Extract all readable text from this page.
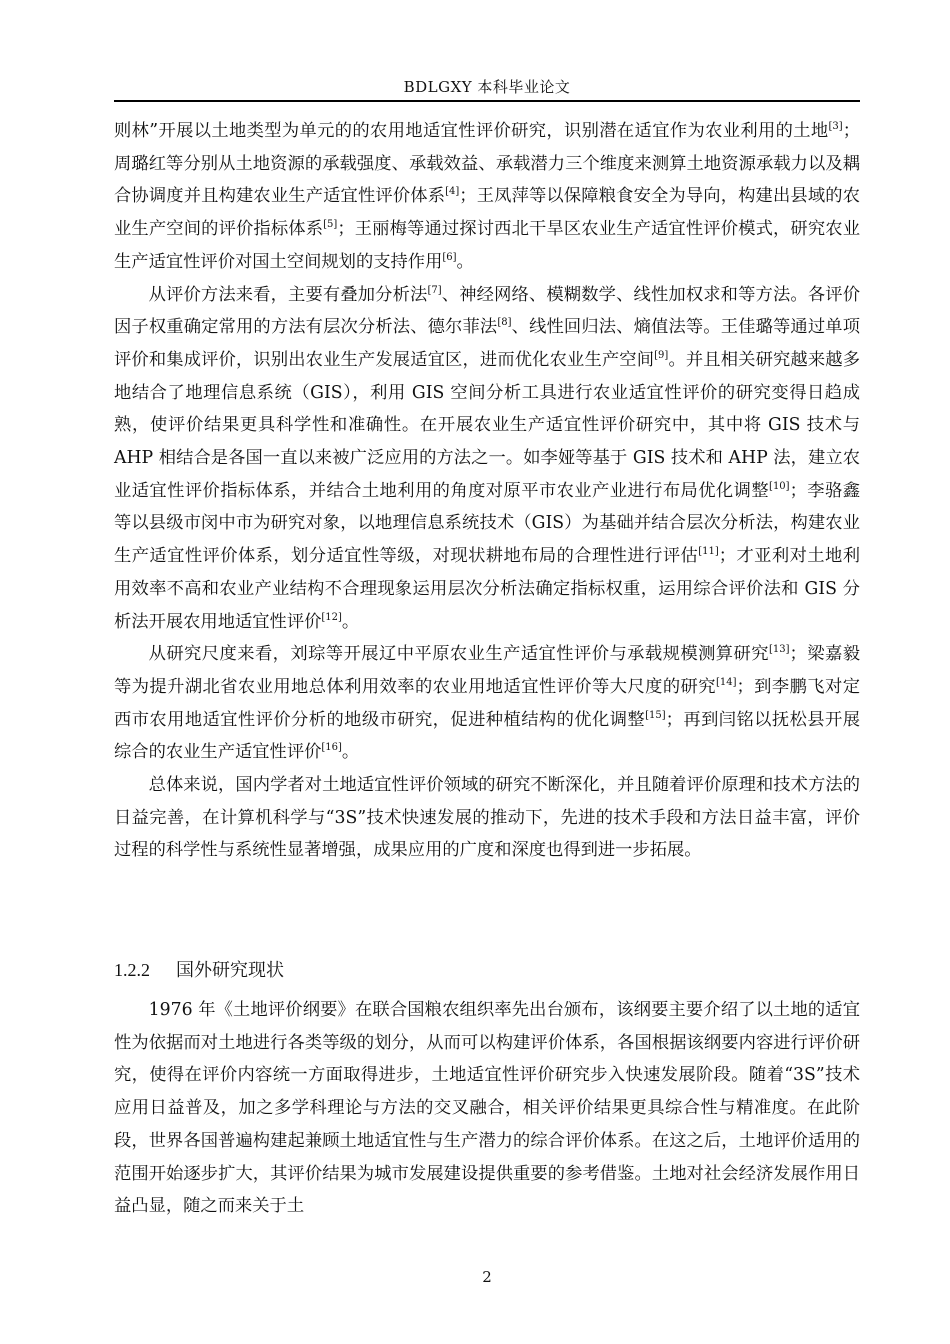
BDLGXY 本科毕业论文

则林”开展以土地类型为单元的的农用地适宜性评价研究，识别潜在适宜作为农业利用的土地[3]；周璐红等分别从土地资源的承载强度、承载效益、承载潜力三个维度来测算土地资源承载力以及耦合协调度并且构建农业生产适宜性评价体系[4]；王凤萍等以保障粮食安全为导向，构建出县域的农业生产空间的评价指标体系[5]；王丽梅等通过探讨西北干旱区农业生产适宜性评价模式，研究农业生产适宜性评价对国土空间规划的支持作用[6]。

从评价方法来看，主要有叠加分析法[7]、神经网络、模糊数学、线性加权求和等方法。各评价因子权重确定常用的方法有层次分析法、德尔菲法[8]、线性回归法、熵值法等。王佳璐等通过单项评价和集成评价，识别出农业生产发展适宜区，进而优化农业生产空间[9]。并且相关研究越来越多地结合了地理信息系统（GIS），利用 GIS 空间分析工具进行农业适宜性评价的研究变得日趋成熟，使评价结果更具科学性和准确性。在开展农业生产适宜性评价研究中，其中将 GIS 技术与 AHP 相结合是各国一直以来被广泛应用的方法之一。如李娅等基于 GIS 技术和 AHP 法，建立农业适宜性评价指标体系，并结合土地利用的角度对原平市农业产业进行布局优化调整[10]；李骆鑫等以县级市闵中市为研究对象，以地理信息系统技术（GIS）为基础并结合层次分析法，构建农业生产适宜性评价体系，划分适宜性等级，对现状耕地布局的合理性进行评估[11]；才亚利对土地利用效率不高和农业产业结构不合理现象运用层次分析法确定指标权重，运用综合评价法和 GIS 分析法开展农用地适宜性评价[12]。

从研究尺度来看，刘琮等开展辽中平原农业生产适宜性评价与承载规模测算研究[13]；梁嘉毅等为提升湖北省农业用地总体利用效率的农业用地适宜性评价等大尺度的研究[14]；到李鹏飞对定西市农用地适宜性评价分析的地级市研究，促进种植结构的优化调整[15]；再到闫铭以抚松县开展综合的农业生产适宜性评价[16]。

总体来说，国内学者对土地适宜性评价领域的研究不断深化，并且随着评价原理和技术方法的日益完善，在计算机科学与“3S”技术快速发展的推动下，先进的技术手段和方法日益丰富，评价过程的科学性与系统性显著增强，成果应用的广度和深度也得到进一步拓展。

1.2.2 国外研究现状

1976 年《土地评价纲要》在联合国粮农组织率先出台颁布，该纲要主要介绍了以土地的适宜性为依据而对土地进行各类等级的划分，从而可以构建评价体系，各国根据该纲要内容进行评价研究，使得在评价内容统一方面取得进步，土地适宜性评价研究步入快速发展阶段。随着“3S”技术应用日益普及，加之多学科理论与方法的交叉融合，相关评价结果更具综合性与精准度。在此阶段，世界各国普遍构建起兼顾土地适宜性与生产潜力的综合评价体系。在这之后，土地评价适用的范围开始逐步扩大，其评价结果为城市发展建设提供重要的参考借鉴。土地对社会经济发展作用日益凸显，随之而来关于土

2
